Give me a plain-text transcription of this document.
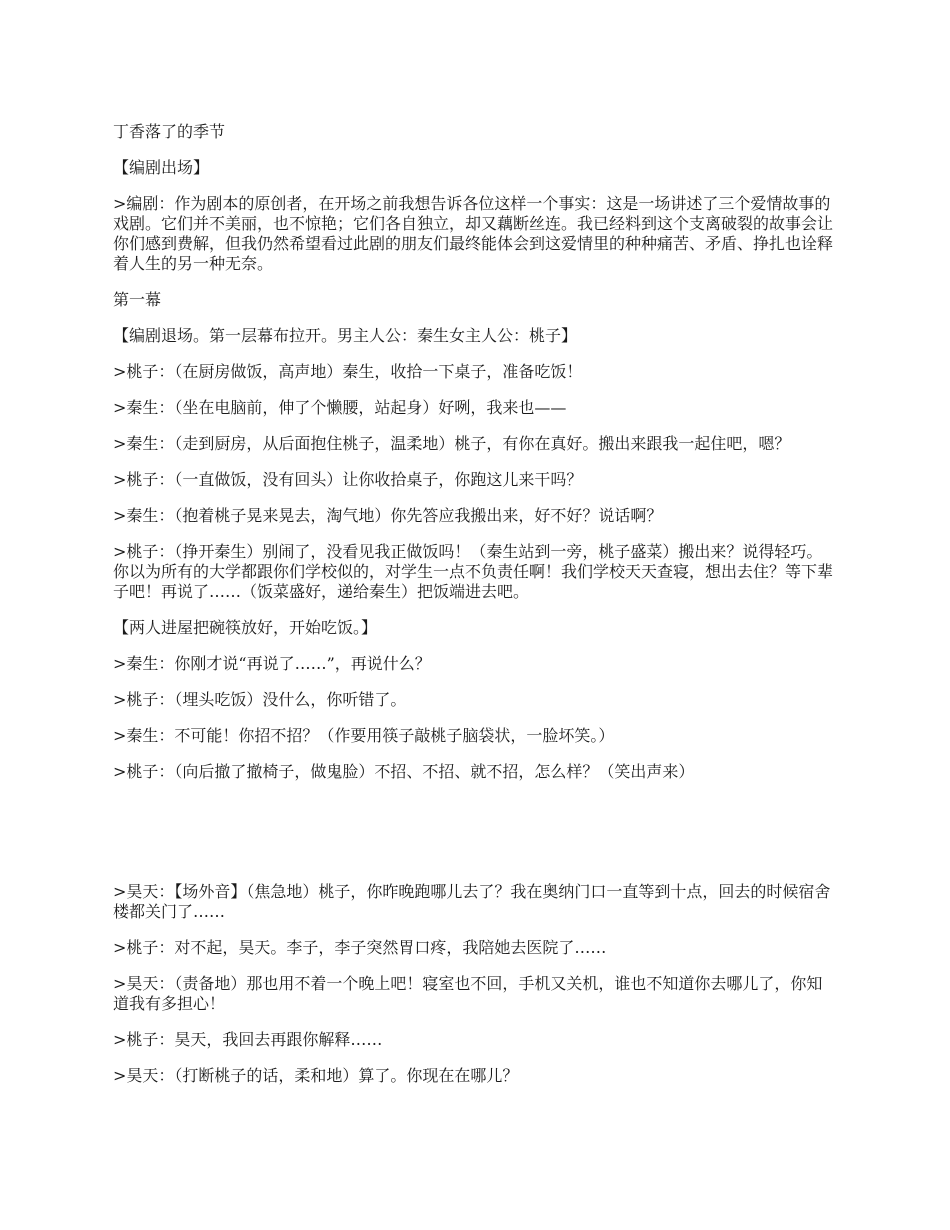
丁香落了的季节

【编剧出场】

>编剧：作为剧本的原创者，在开场之前我想告诉各位这样一个事实：这是一场讲述了三个爱情故事的戏剧。它们并不美丽，也不惊艳；它们各自独立，却又藕断丝连。我已经料到这个支离破裂的故事会让你们感到费解，但我仍然希望看过此剧的朋友们最终能体会到这爱情里的种种痛苦、矛盾、挣扎也诠释着人生的另一种无奈。

第一幕

【编剧退场。第一层幕布拉开。男主人公：秦生女主人公：桃子】

>桃子：（在厨房做饭，高声地）秦生，收拾一下桌子，准备吃饭！

>秦生：（坐在电脑前，伸了个懒腰，站起身）好咧，我来也——

>秦生：（走到厨房，从后面抱住桃子，温柔地）桃子，有你在真好。搬出来跟我一起住吧，嗯？

>桃子：（一直做饭，没有回头）让你收拾桌子，你跑这儿来干吗？

>秦生：（抱着桃子晃来晃去，淘气地）你先答应我搬出来，好不好？说话啊？

>桃子：（挣开秦生）别闹了，没看见我正做饭吗！（秦生站到一旁，桃子盛菜）搬出来？说得轻巧。你以为所有的大学都跟你们学校似的，对学生一点不负责任啊！我们学校天天查寝，想出去住？等下辈子吧！再说了……（饭菜盛好，递给秦生）把饭端进去吧。

【两人进屋把碗筷放好，开始吃饭。】

>秦生：你刚才说“再说了……”，再说什么？

>桃子：（埋头吃饭）没什么，你听错了。

>秦生：不可能！你招不招？（作要用筷子敲桃子脑袋状，一脸坏笑。）

>桃子：（向后撤了撤椅子，做鬼脸）不招、不招、就不招，怎么样？（笑出声来）

>昊天：【场外音】（焦急地）桃子，你昨晚跑哪儿去了？我在奥纳门口一直等到十点，回去的时候宿舍楼都关门了……

>桃子：对不起，昊天。李子，李子突然胃口疼，我陪她去医院了……

>昊天：（责备地）那也用不着一个晚上吧！寝室也不回，手机又关机，谁也不知道你去哪儿了，你知道我有多担心！

>桃子：昊天，我回去再跟你解释……

>昊天：（打断桃子的话，柔和地）算了。你现在在哪儿？
